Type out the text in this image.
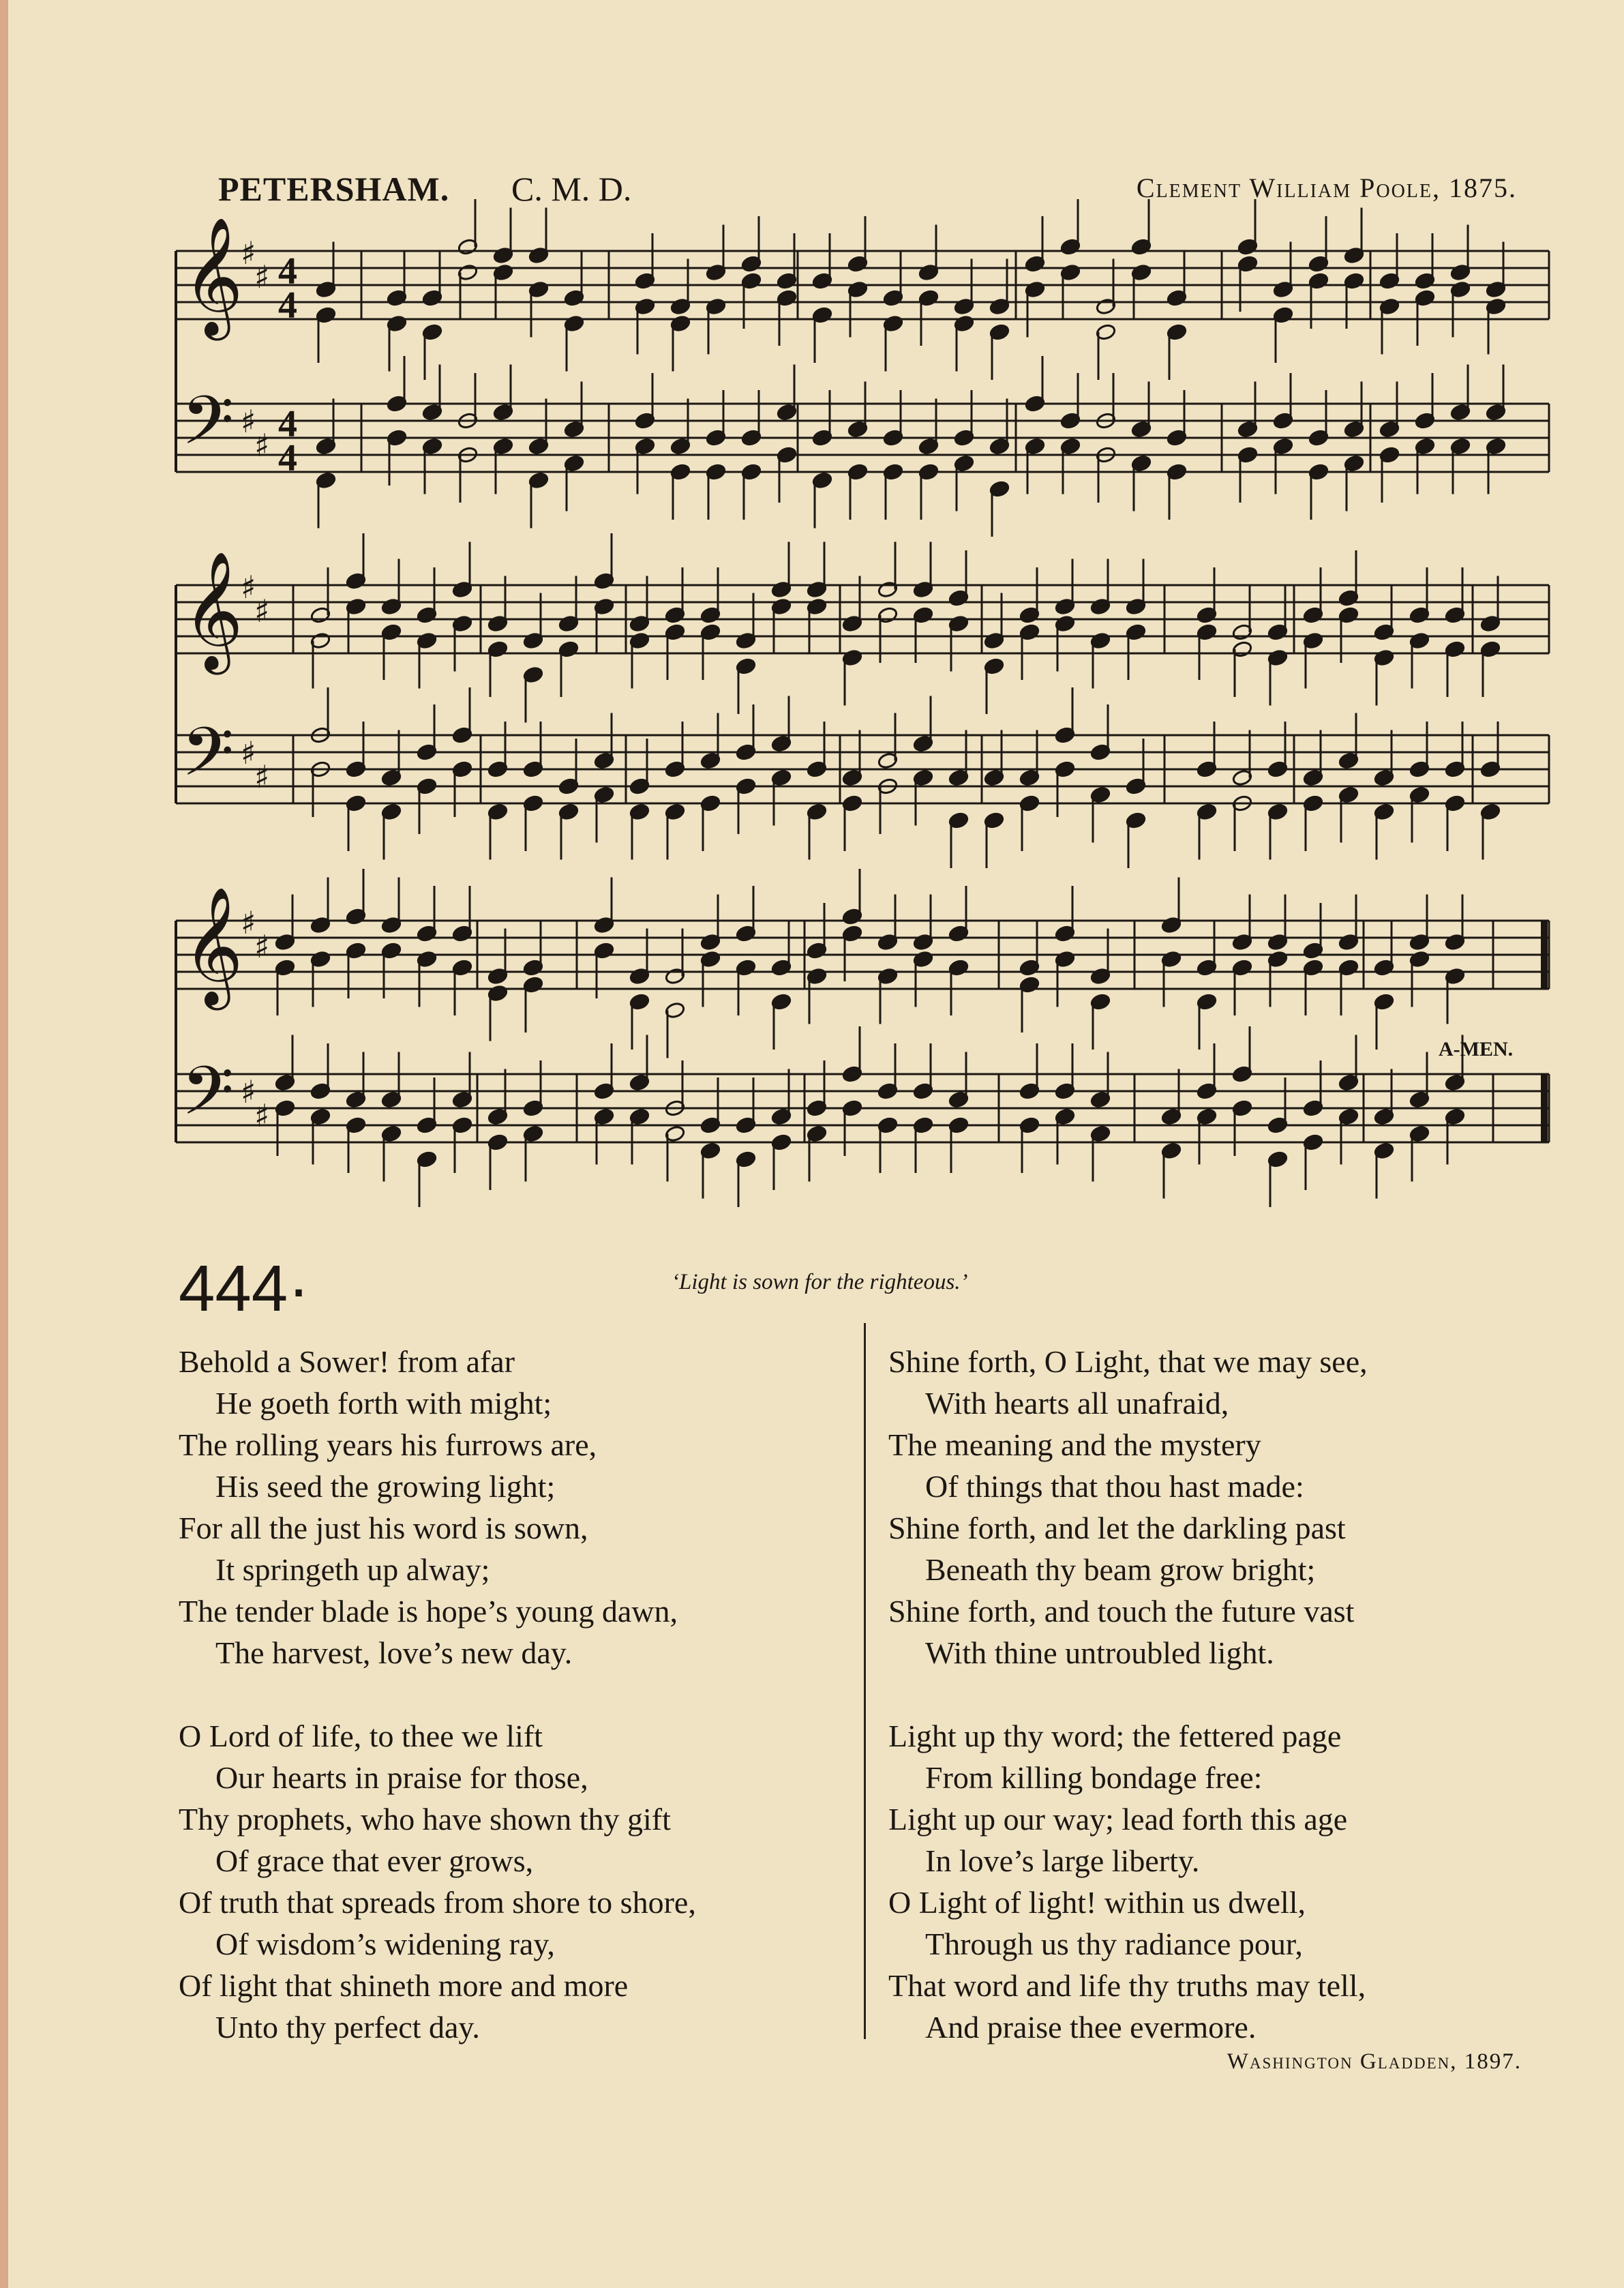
PETERSHAM. C. M. D.	Clement William Poole, 1875.
𝄞
𝄢
♯
♯
♯
♯
4
4
4
4
𝄞
𝄢
♯
♯
♯
♯
𝄞
𝄢
♯
♯
♯
♯
A-MEN.
444·	‘Light is sown for the righteous.’
Behold a Sower! from afar
He goeth forth with might;
The rolling years his furrows are,
His seed the growing light;
For all the just his word is sown,
It springeth up alway;
The tender blade is hope’s young dawn,
The harvest, love’s new day.
O Lord of life, to thee we lift
Our hearts in praise for those,
Thy prophets, who have shown thy gift
Of grace that ever grows,
Of truth that spreads from shore to shore,
Of wisdom’s widening ray,
Of light that shineth more and more
Unto thy perfect day.
Shine forth, O Light, that we may see,
With hearts all unafraid,
The meaning and the mystery
Of things that thou hast made:
Shine forth, and let the darkling past
Beneath thy beam grow bright;
Shine forth, and touch the future vast
With thine untroubled light.
Light up thy word; the fettered page
From killing bondage free:
Light up our way; lead forth this age
In love’s large liberty.
O Light of light! within us dwell,
Through us thy radiance pour,
That word and life thy truths may tell,
And praise thee evermore.
Washington Gladden, 1897.
